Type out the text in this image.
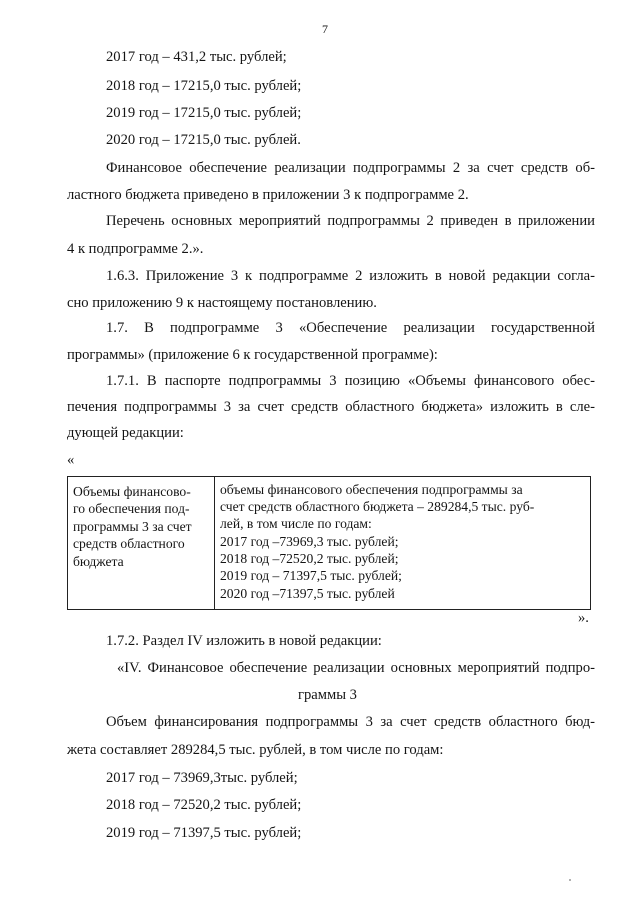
7
2017 год – 431,2 тыс. рублей;
2018 год – 17215,0 тыс. рублей;
2019 год – 17215,0 тыс. рублей;
2020 год – 17215,0 тыс. рублей.
Финансовое обеспечение реализации подпрограммы 2 за счет средств об-
ластного бюджета приведено в приложении 3 к подпрограмме 2.
Перечень основных мероприятий подпрограммы 2 приведен в приложении
4 к подпрограмме 2.».
1.6.3. Приложение 3 к подпрограмме 2 изложить в новой редакции согла-
сно приложению 9 к настоящему постановлению.
1.7. В подпрограмме 3 «Обеспечение реализации государственной
программы» (приложение 6 к государственной программе):
1.7.1. В паспорте подпрограммы 3 позицию «Объемы финансового обес-
печения подпрограммы 3 за счет средств областного бюджета» изложить в сле-
дующей редакции:
«
Объемы финансово-
го обеспечения под-
программы 3 за счет
средств областного
бюджета
объемы финансового обеспечения подпрограммы за
счет средств областного бюджета – 289284,5 тыс. руб-
лей, в том числе по годам:
2017 год –73969,3 тыс. рублей;
2018 год –72520,2 тыс. рублей;
2019 год – 71397,5 тыс. рублей;
2020 год –71397,5 тыс. рублей
».
1.7.2. Раздел IV изложить в новой редакции:
«IV. Финансовое обеспечение реализации основных мероприятий подпро-
граммы 3
Объем финансирования подпрограммы 3 за счет средств областного бюд-
жета составляет 289284,5 тыс. рублей, в том числе по годам:
2017 год – 73969,3тыс. рублей;
2018 год – 72520,2 тыс. рублей;
2019 год – 71397,5 тыс. рублей;
